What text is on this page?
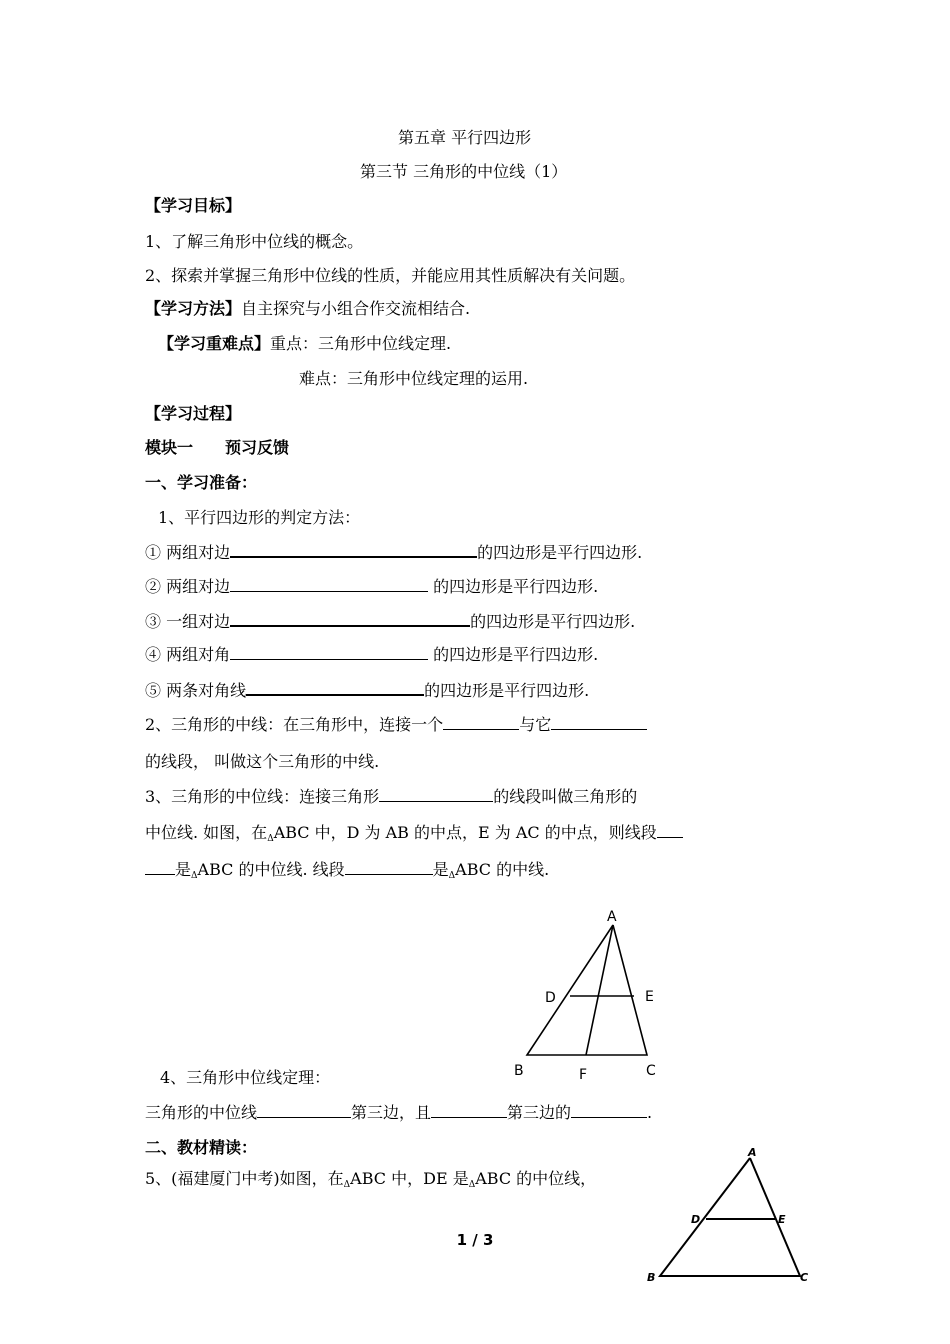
第五章 平行四边形
第三节 三角形的中位线（1）
【学习目标】
1、了解三角形中位线的概念。
2、探索并掌握三角形中位线的性质，并能应用其性质解决有关问题。
【学习方法】自主探究与小组合作交流相结合.
【学习重难点】重点：三角形中位线定理.
难点：三角形中位线定理的运用.
【学习过程】
模块一　　预习反馈
一、学习准备：
1、平行四边形的判定方法：
① 两组对边	的四边形是平行四边形.
② 两组对边	的四边形是平行四边形.
③ 一组对边	的四边形是平行四边形.
④ 两组对角	的四边形是平行四边形.
⑤ 两条对角线	的四边形是平行四边形.
2、三角形的中线：在三角形中，连接一个	与它
的线段， 叫做这个三角形的中线.
3、三角形的中位线：连接三角形	的线段叫做三角形的
中位线. 如图，在ΔABC 中，D 为 AB 的中点，E 为 AC 的中点，则线段
是ΔABC 的中位线. 线段	是ΔABC 的中线.
A
D	E
B	F	C
4、三角形中位线定理：
三角形的中位线	第三边，且	第三边的	.
二、教材精读：
5、(福建厦门中考)如图，在ΔABC 中，DE 是ΔABC 的中位线，
A
D	E
B	C
1 / 3
